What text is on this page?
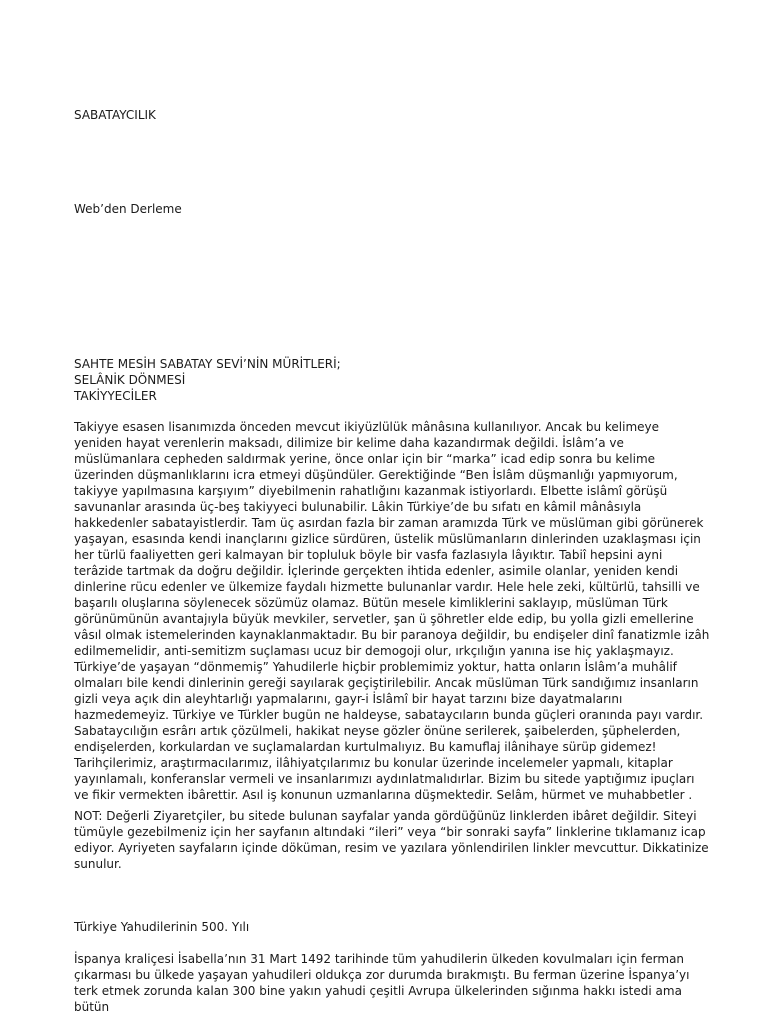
SABATAYCILIK

Web’den Derleme

SAHTE MESİH SABATAY SEVİ’NİN MÜRİTLERİ;
SELÂNİK DÖNMESİ
TAKİYYECİLER

Takiyye esasen lisanımızda önceden mevcut ikiyüzlülük mânâsına kullanılıyor. Ancak bu kelimeye yeniden hayat verenlerin maksadı, dilimize bir kelime daha kazandırmak değildi. İslâm’a ve müslümanlara cepheden saldırmak yerine, önce onlar için bir “marka” icad edip sonra bu kelime üzerinden düşmanlıklarını icra etmeyi düşündüler. Gerektiğinde “Ben İslâm düşmanlığı yapmıyorum, takiyye yapılmasına karşıyım” diyebilmenin rahatlığını kazanmak istiyorlardı. Elbette islâmî görüşü savunanlar arasında üç-beş takiyyeci bulunabilir. Lâkin Türkiye’de bu sıfatı en kâmil mânâsıyla hakkedenler sabatayistlerdir. Tam üç asırdan fazla bir zaman aramızda Türk ve müslüman gibi görünerek yaşayan, esasında kendi inançlarını gizlice sürdüren, üstelik müslümanların dinlerinden uzaklaşması için her türlü faaliyetten geri kalmayan bir topluluk böyle bir vasfa fazlasıyla lâyıktır. Tabiî hepsini ayni terâzide tartmak da doğru değildir. İçlerinde gerçekten ihtida edenler, asimile olanlar, yeniden kendi dinlerine rücu edenler ve ülkemize faydalı hizmette bulunanlar vardır. Hele hele zeki, kültürlü, tahsilli ve başarılı oluşlarına söylenecek sözümüz olamaz. Bütün mesele kimliklerini saklayıp, müslüman Türk görünümünün avantajıyla büyük mevkiler, servetler, şan ü şöhretler elde edip, bu yolla gizli emellerine vâsıl olmak istemelerinden kaynaklanmaktadır. Bu bir paranoya değildir, bu endişeler dinî fanatizmle izâh edilmemelidir, anti-semitizm suçlaması ucuz bir demogoji olur, ırkçılığın yanına ise hiç yaklaşmayız. Türkiye’de yaşayan “dönmemiş” Yahudilerle hiçbir problemimiz yoktur, hatta onların İslâm’a muhâlif olmaları bile kendi dinlerinin gereği sayılarak geçiştirilebilir. Ancak müslüman Türk sandığımız insanların gizli veya açık din aleyhtarlığı yapmalarını, gayr-i İslâmî bir hayat tarzını bize dayatmalarını hazmedemeyiz. Türkiye ve Türkler bugün ne haldeyse, sabataycıların bunda güçleri oranında payı vardır. Sabataycılığın esrârı artık çözülmeli, hakikat neyse gözler önüne serilerek, şaibelerden, şüphelerden, endişelerden, korkulardan ve suçlamalardan kurtulmalıyız. Bu kamuflaj ilânihaye sürüp gidemez! Tarihçilerimiz, araştırmacılarımız, ilâhiyatçılarımız bu konular üzerinde incelemeler yapmalı, kitaplar yayınlamalı, konferanslar vermeli ve insanlarımızı aydınlatmalıdırlar. Bizim bu sitede yaptığımız ipuçları ve fikir vermekten ibârettir. Asıl iş konunun uzmanlarına düşmektedir. Selâm, hürmet ve muhabbetler .

NOT: Değerli Ziyaretçiler, bu sitede bulunan sayfalar yanda gördüğünüz linklerden ibâret değildir. Siteyi tümüyle gezebilmeniz için her sayfanın altındaki “ileri” veya “bir sonraki sayfa” linklerine tıklamanız icap ediyor. Ayriyeten sayfaların içinde döküman, resim ve yazılara yönlendirilen linkler mevcuttur. Dikkatinize sunulur.

Türkiye Yahudilerinin 500. Yılı

İspanya kraliçesi İsabella’nın 31 Mart 1492 tarihinde tüm yahudilerin ülkeden kovulmaları için ferman çıkarması bu ülkede yaşayan yahudileri oldukça zor durumda bırakmıştı. Bu ferman üzerine İspanya’yı terk etmek zorunda kalan 300 bine yakın yahudi çeşitli Avrupa ülkelerinden sığınma hakkı istedi ama bütün
